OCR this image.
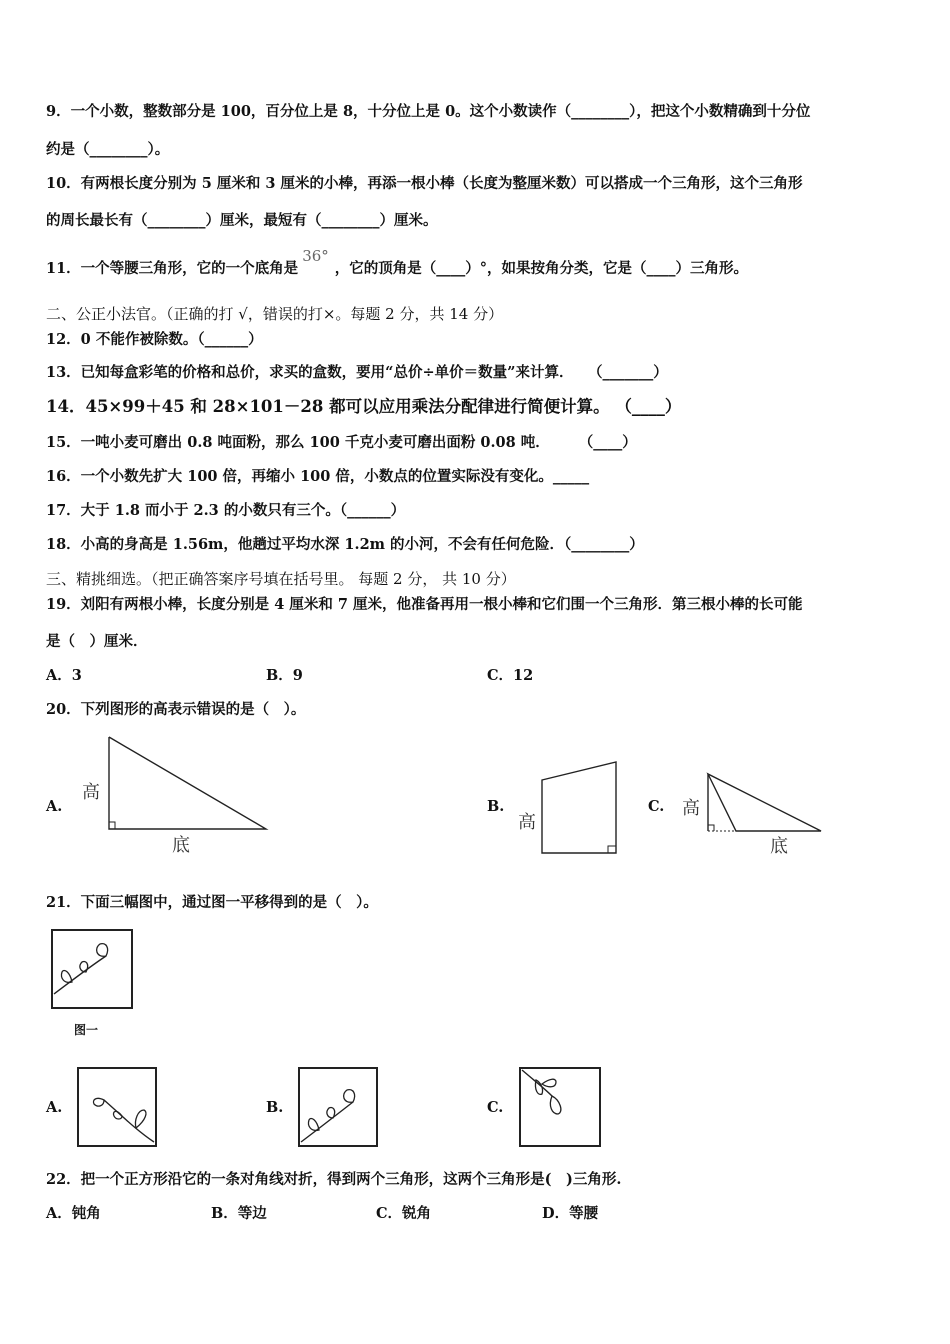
9．一个小数，整数部分是 100，百分位上是 8，十分位上是 0。这个小数读作（________），把这个小数精确到十分位
约是（________）。
10．有两根长度分别为 5 厘米和 3 厘米的小棒，再添一根小棒（长度为整厘米数）可以搭成一个三角形，这个三角形
的周长最长有（________）厘米，最短有（________）厘米。
11．一个等腰三角形，它的一个底角是36°，它的顶角是（____）°，如果按角分类，它是（____）三角形。
二、公正小法官。（正确的打 √，错误的打×。每题 2 分，共 14 分）
12．0 不能作被除数。（______）
13．已知每盒彩笔的价格和总价，求买的盒数，要用“总价÷单价＝数量”来计算．　　（_______）
14．45×99＋45 和 28×101－28 都可以应用乘法分配律进行简便计算。 （____）
15．一吨小麦可磨出 0.8 吨面粉，那么 100 千克小麦可磨出面粉 0.08 吨．　　　（____）
16．一个小数先扩大 100 倍，再缩小 100 倍，小数点的位置实际没有变化。_____
17．大于 1.8 而小于 2.3 的小数只有三个。（______）
18．小高的身高是 1.56m，他趟过平均水深 1.2m 的小河，不会有任何危险．（________）
三、精挑细选。（把正确答案序号填在括号里。 每题 2 分， 共 10 分）
19．刘阳有两根小棒，长度分别是 4 厘米和 7 厘米，他准备再用一根小棒和它们围一个三角形．第三根小棒的长可能
是（　）厘米．
A．3	B．9	C．12
20．下列图形的高表示错误的是（　）。
A.	B.	C.
高
底
高
高
底
21．下面三幅图中，通过图一平移得到的是（　）。
图一
A.	B.	C.
22．把一个正方形沿它的一条对角线对折，得到两个三角形，这两个三角形是(　)三角形.
A．钝角	B．等边	C．锐角	D．等腰
